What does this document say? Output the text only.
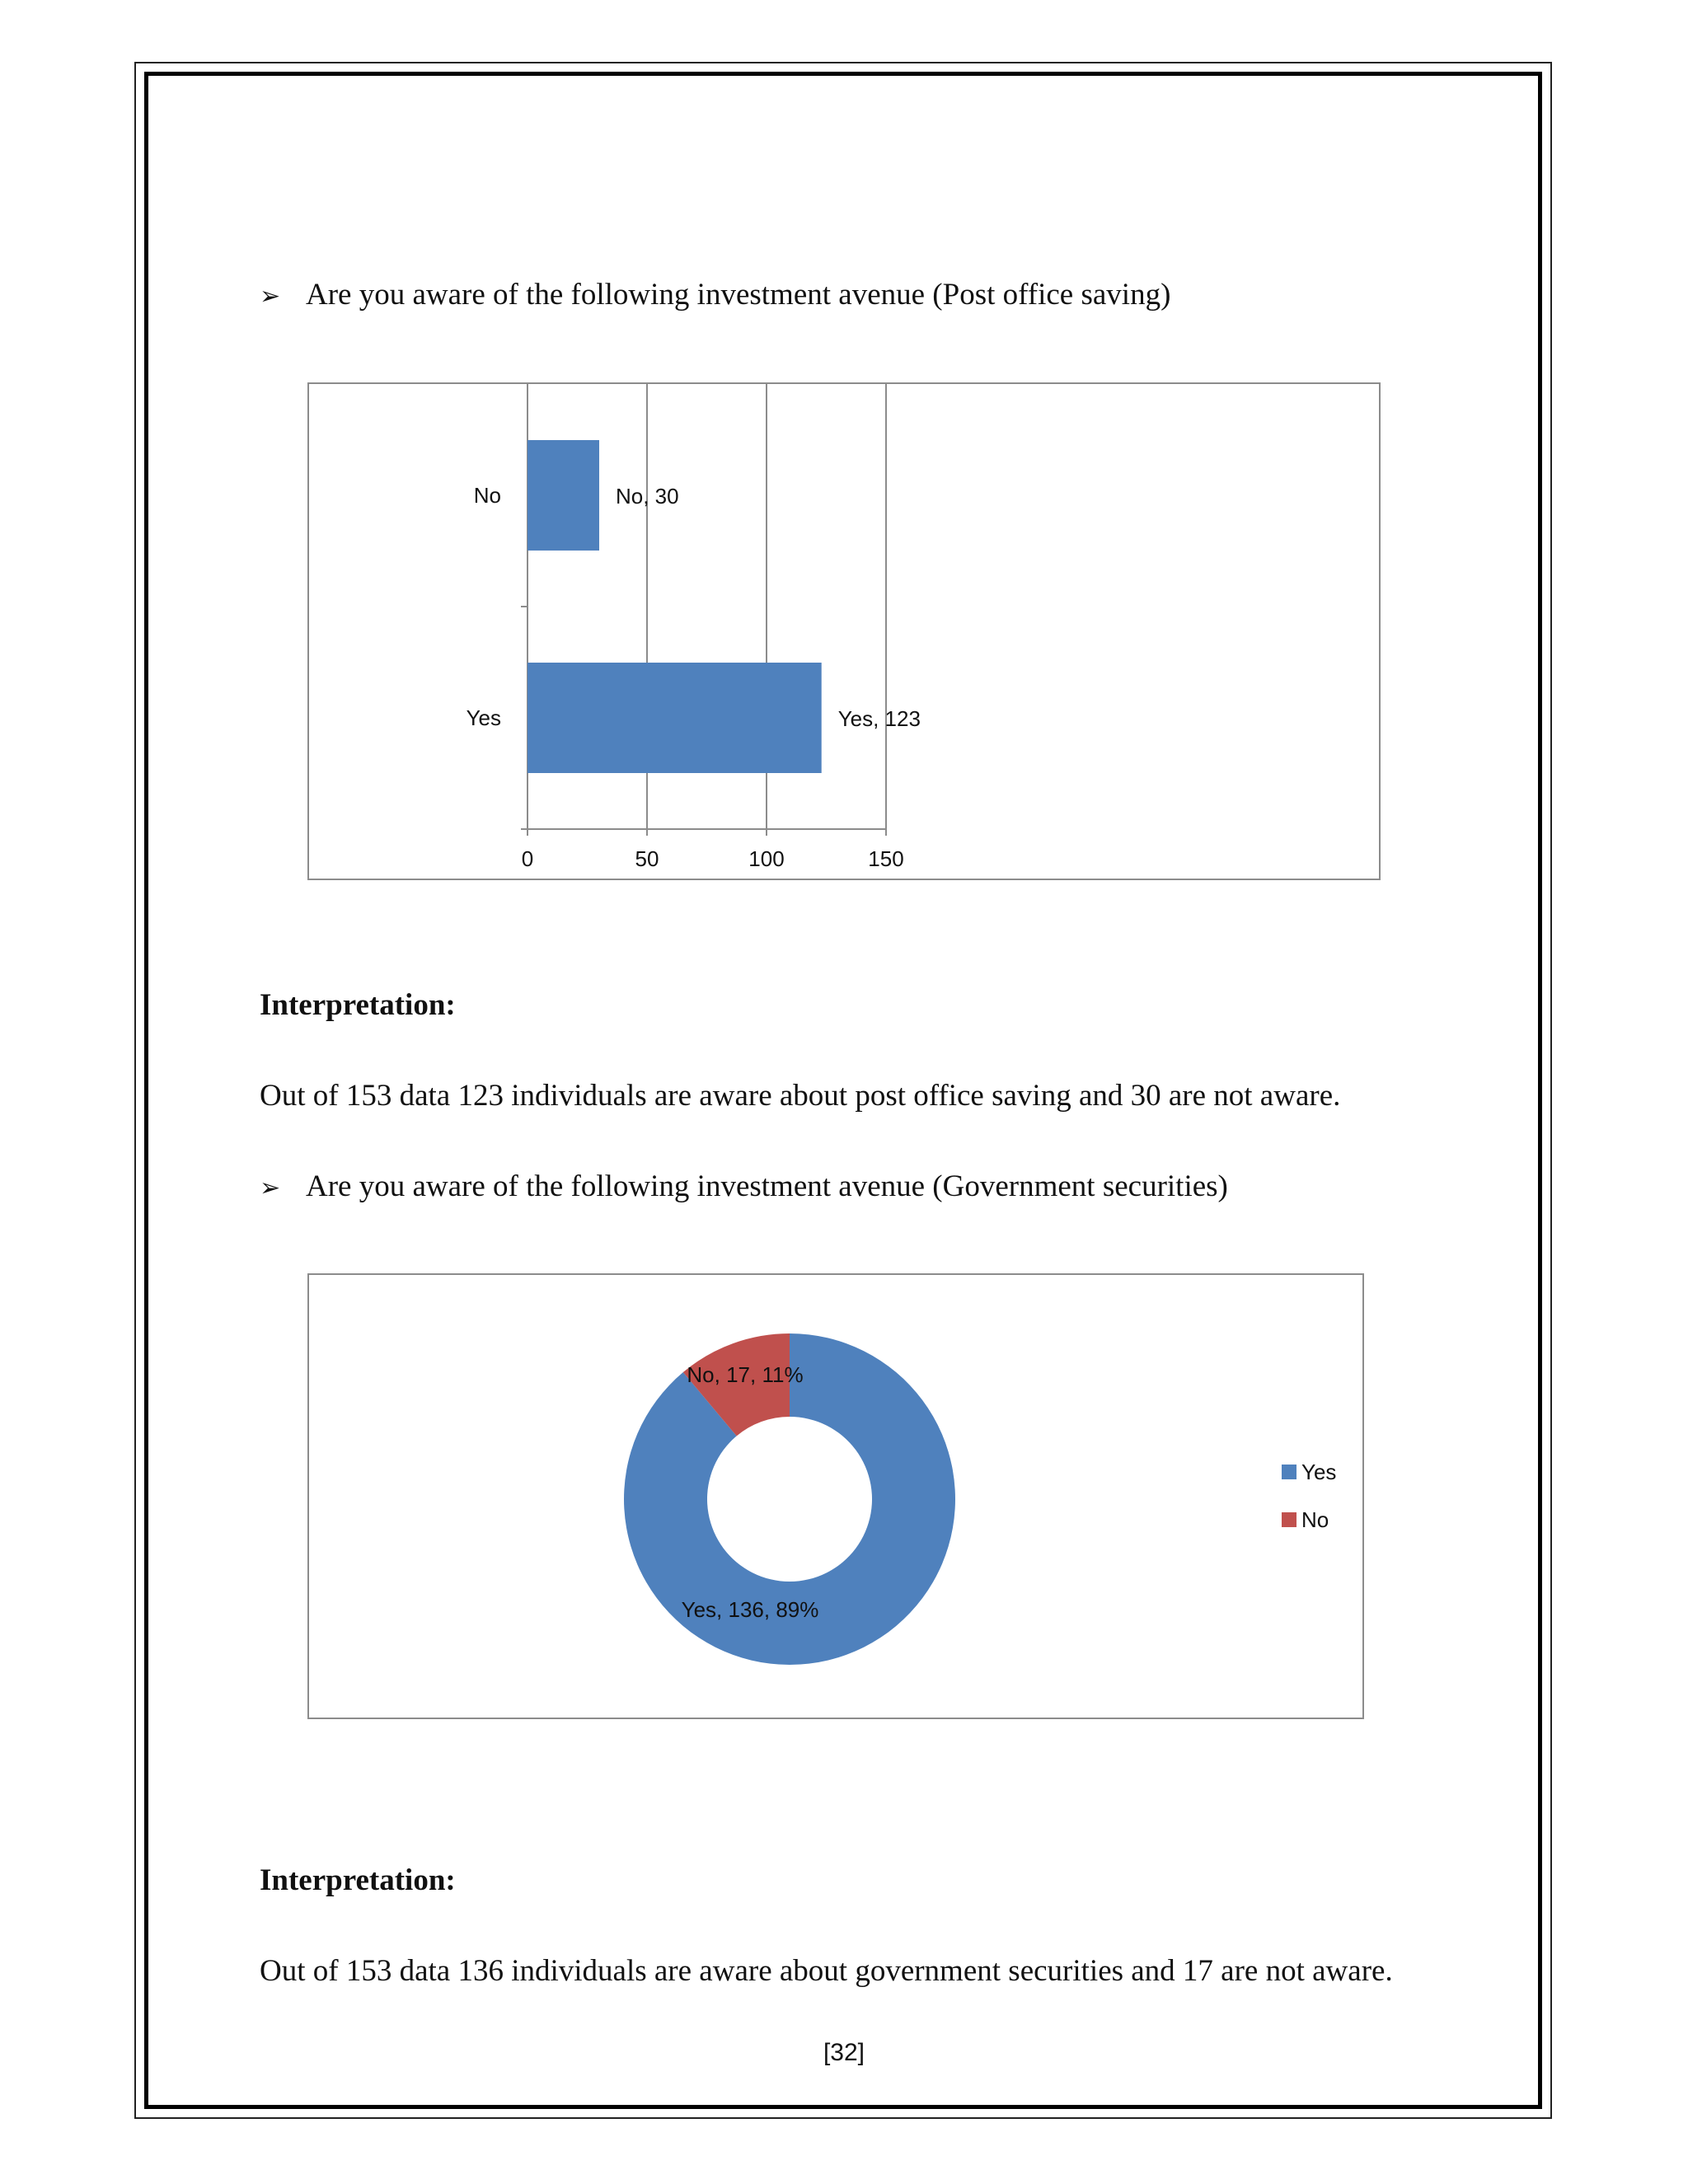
➢ Are you aware of the following investment avenue (Post office saving)
No	No, 30
Yes	Yes, 123
0	50	100	150
Interpretation:
Out of 153 data 123 individuals are aware about post office saving and 30 are not aware.
➢ Are you aware of the following investment avenue (Government securities)
Yes, 136, 89%
No, 17, 11%
Yes
No
Interpretation:
Out of 153 data 136 individuals are aware about government securities and 17 are not aware.
[32]
